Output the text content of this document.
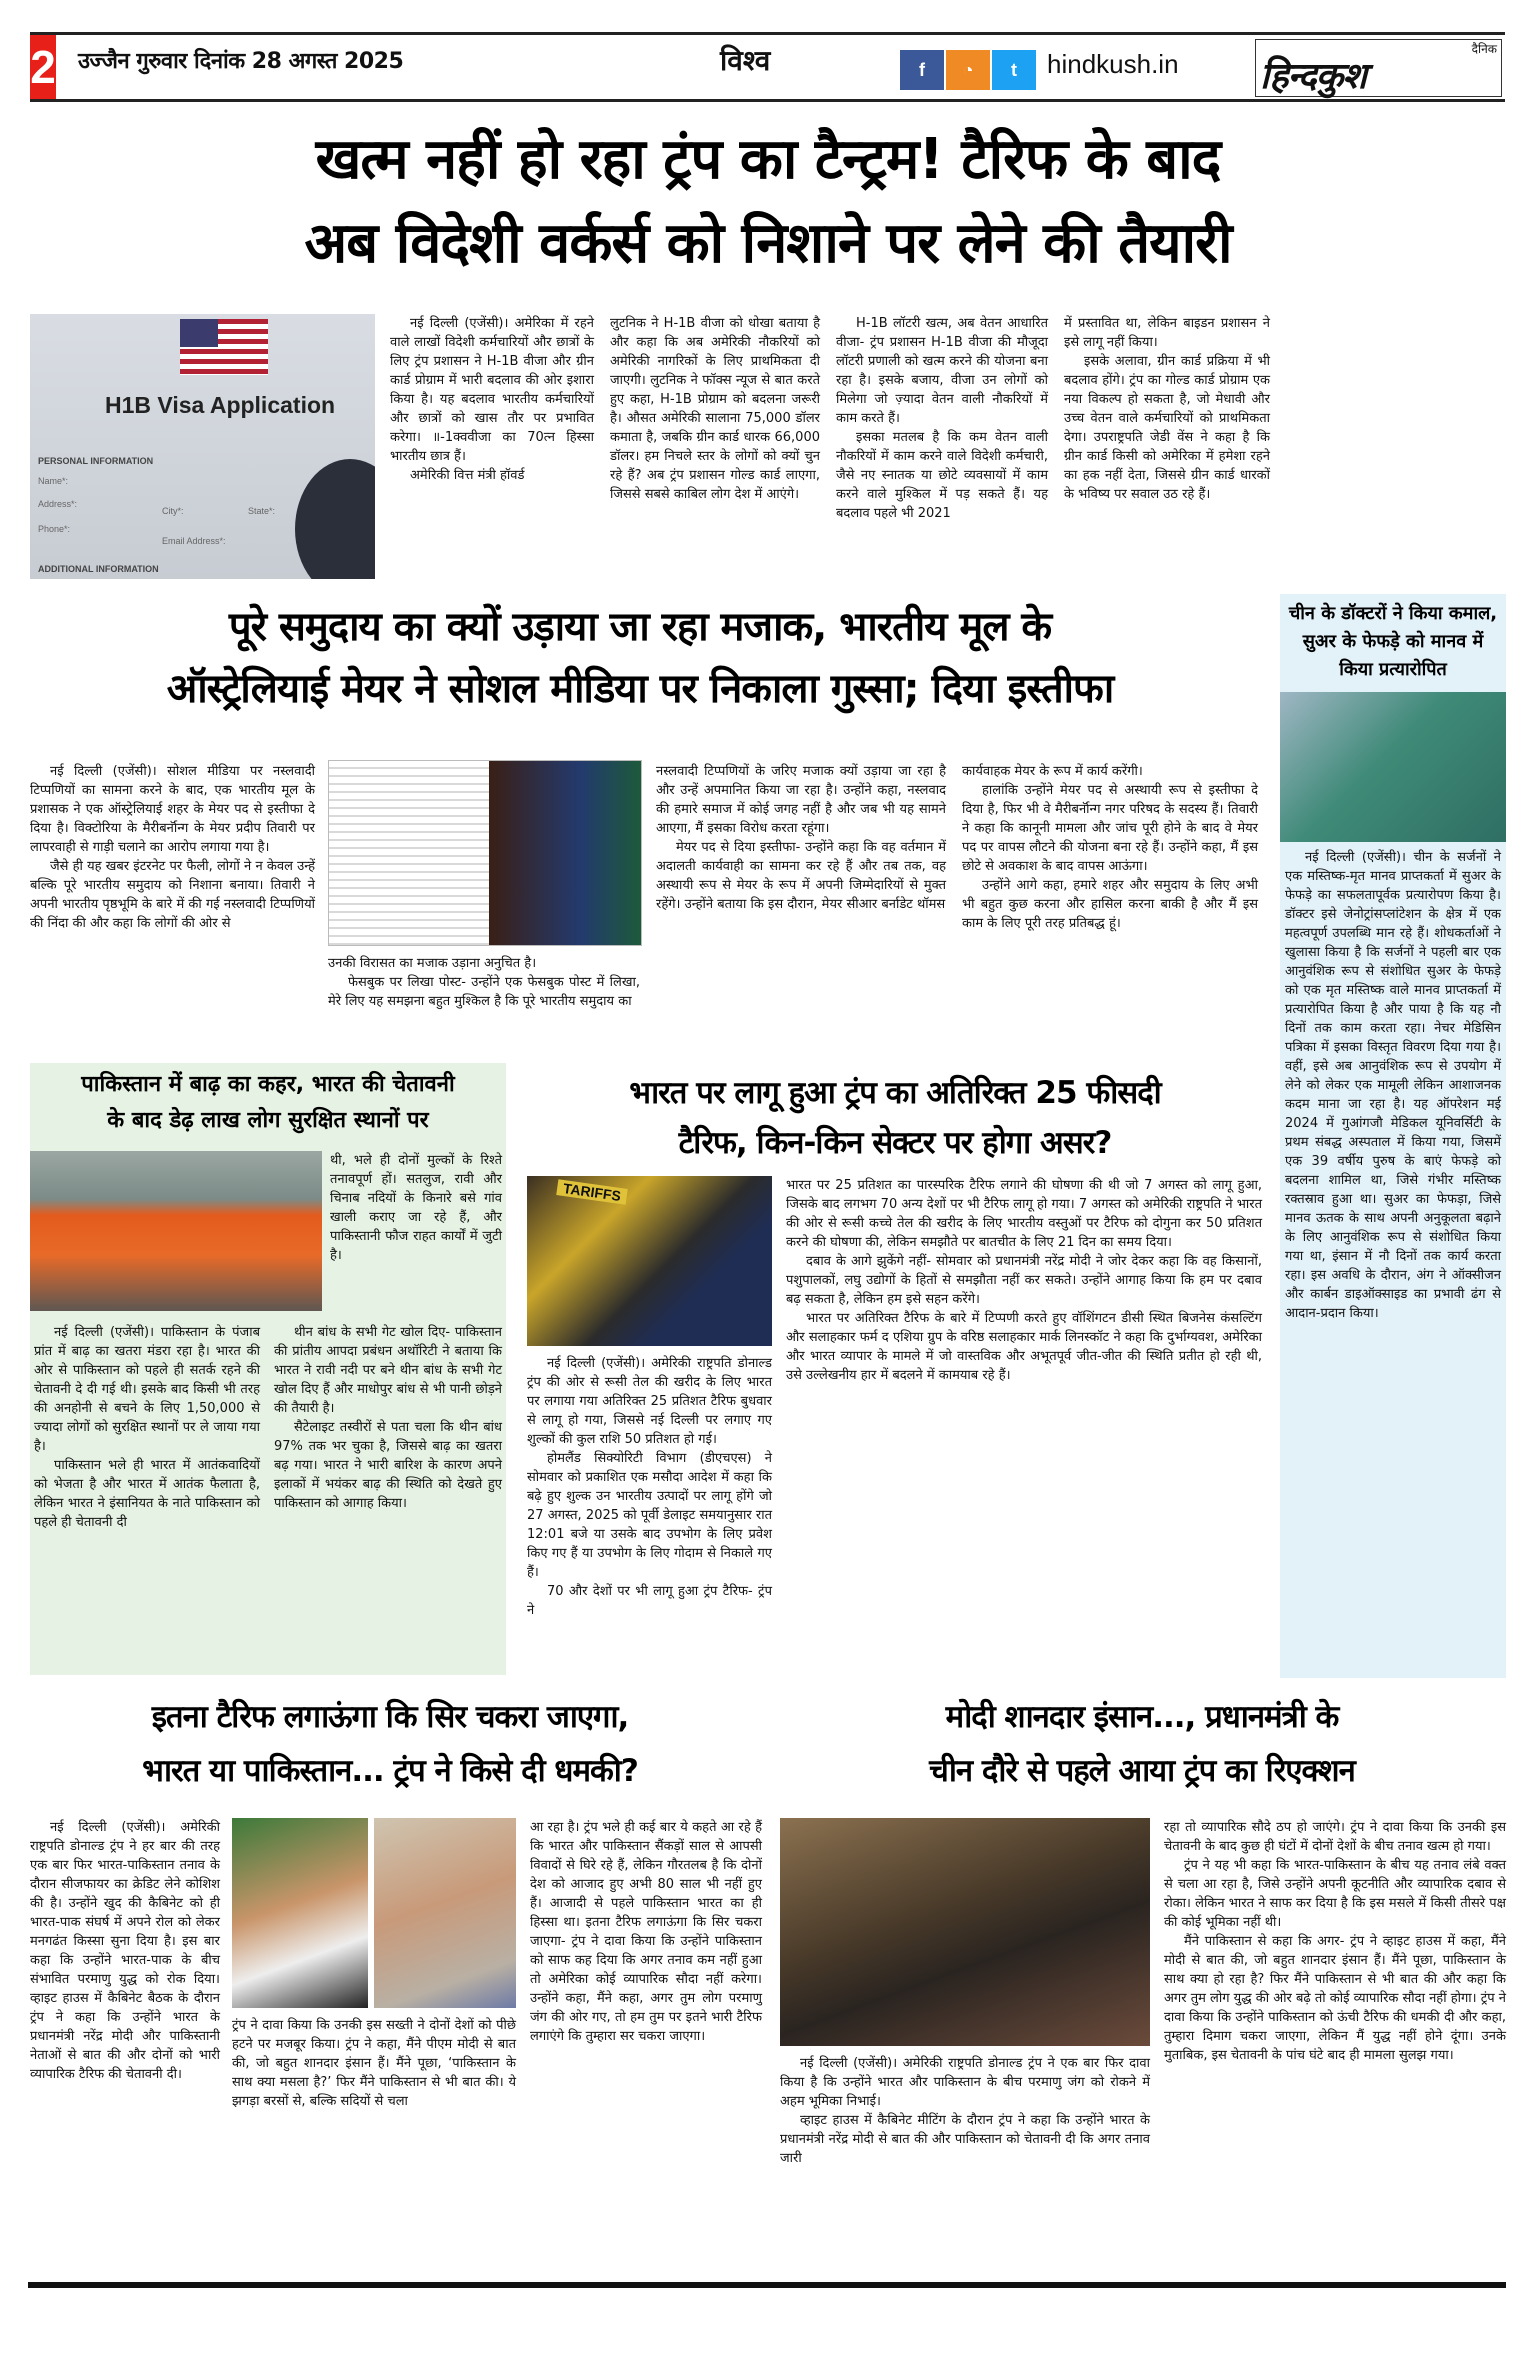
2 उज्जैन गुरुवार दिनांक 28 अगस्त 2025	विश्व	f	◔	t	hindkush.in	दैनिक
हिन्दकुश
खत्म नहीं हो रहा ट्रंप का टैन्ट्रम! टैरिफ के बाद
अब विदेशी वर्कर्स को निशाने पर लेने की तैयारी
H1B Visa Application
PERSONAL INFORMATION
Name*:
Address*:
City*:	State*:
Phone*:
Email Address*:
ADDITIONAL INFORMATION

नई दिल्ली (एजेंसी)। अमेरिका में रहने वाले लाखों विदेशी कर्मचारियों और छात्रों के लिए ट्रंप प्रशासन ने H-1B वीजा और ग्रीन कार्ड प्रोग्राम में भारी बदलाव की ओर इशारा किया है। यह बदलाव भारतीय कर्मचारियों और छात्रों को खास तौर पर प्रभावित करेगा। ॥-1क्ववीजा का 70त्न हिस्सा भारतीय छात्र हैं।

अमेरिकी वित्त मंत्री हॉवर्ड

लुटनिक ने H-1B वीजा को धोखा बताया है और कहा कि अब अमेरिकी नौकरियों को अमेरिकी नागरिकों के लिए प्राथमिकता दी जाएगी। लुटनिक ने फॉक्स न्यूज से बात करते हुए कहा, H-1B प्रोग्राम को बदलना जरूरी है। औसत अमेरिकी सालाना 75,000 डॉलर कमाता है, जबकि ग्रीन कार्ड धारक 66,000 डॉलर। हम निचले स्तर के लोगों को क्यों चुन रहे हैं? अब ट्रंप प्रशासन गोल्ड कार्ड लाएगा, जिससे सबसे काबिल लोग देश में आएंगे।

H-1B लॉटरी खत्म, अब वेतन आधारित वीजा- ट्रंप प्रशासन H-1B वीजा की मौजूदा लॉटरी प्रणाली को खत्म करने की योजना बना रहा है। इसके बजाय, वीजा उन लोगों को मिलेगा जो ज़्यादा वेतन वाली नौकरियों में काम करते हैं।

इसका मतलब है कि कम वेतन वाली नौकरियों में काम करने वाले विदेशी कर्मचारी, जैसे नए स्नातक या छोटे व्यवसायों में काम करने वाले मुश्किल में पड़ सकते हैं। यह बदलाव पहले भी 2021

में प्रस्तावित था, लेकिन बाइडन प्रशासन ने इसे लागू नहीं किया।

इसके अलावा, ग्रीन कार्ड प्रक्रिया में भी बदलाव होंगे। ट्रंप का गोल्ड कार्ड प्रोग्राम एक नया विकल्प हो सकता है, जो मेधावी और उच्च वेतन वाले कर्मचारियों को प्राथमिकता देगा। उपराष्ट्रपति जेडी वेंस ने कहा है कि ग्रीन कार्ड किसी को अमेरिका में हमेशा रहने का हक नहीं देता, जिससे ग्रीन कार्ड धारकों के भविष्य पर सवाल उठ रहे हैं।

पूरे समुदाय का क्यों उड़ाया जा रहा मजाक, भारतीय मूल के
ऑस्ट्रेलियाई मेयर ने सोशल मीडिया पर निकाला गुस्सा; दिया इस्तीफा

नई दिल्ली (एजेंसी)। सोशल मीडिया पर नस्लवादी टिप्पणियों का सामना करने के बाद, एक भारतीय मूल के प्रशासक ने एक ऑस्ट्रेलियाई शहर के मेयर पद से इस्तीफा दे दिया है। विक्टोरिया के मैरीबर्नॉन्ग के मेयर प्रदीप तिवारी पर लापरवाही से गाड़ी चलाने का आरोप लगाया गया है।

जैसे ही यह खबर इंटरनेट पर फैली, लोगों ने न केवल उन्हें बल्कि पूरे भारतीय समुदाय को निशाना बनाया। तिवारी ने अपनी भारतीय पृष्ठभूमि के बारे में की गई नस्लवादी टिप्पणियों की निंदा की और कहा कि लोगों की ओर से

उनकी विरासत का मजाक उड़ाना अनुचित है।

फेसबुक पर लिखा पोस्ट- उन्होंने एक फेसबुक पोस्ट में लिखा, मेरे लिए यह समझना बहुत मुश्किल है कि पूरे भारतीय समुदाय का

नस्लवादी टिप्पणियों के जरिए मजाक क्यों उड़ाया जा रहा है और उन्हें अपमानित किया जा रहा है। उन्होंने कहा, नस्लवाद की हमारे समाज में कोई जगह नहीं है और जब भी यह सामने आएगा, मैं इसका विरोध करता रहूंगा।

मेयर पद से दिया इस्तीफा- उन्होंने कहा कि वह वर्तमान में अदालती कार्यवाही का सामना कर रहे हैं और तब तक, वह अस्थायी रूप से मेयर के रूप में अपनी जिम्मेदारियों से मुक्त रहेंगे। उन्होंने बताया कि इस दौरान, मेयर सीआर बर्नाडेट थॉमस

कार्यवाहक मेयर के रूप में कार्य करेंगी।

हालांकि उन्होंने मेयर पद से अस्थायी रूप से इस्तीफा दे दिया है, फिर भी वे मैरीबर्नॉन्ग नगर परिषद के सदस्य हैं। तिवारी ने कहा कि कानूनी मामला और जांच पूरी होने के बाद वे मेयर पद पर वापस लौटने की योजना बना रहे हैं। उन्होंने कहा, मैं इस छोटे से अवकाश के बाद वापस आऊंगा।

उन्होंने आगे कहा, हमारे शहर और समुदाय के लिए अभी भी बहुत कुछ करना और हासिल करना बाकी है और मैं इस काम के लिए पूरी तरह प्रतिबद्ध हूं।

चीन के डॉक्टरों ने किया कमाल, सुअर के फेफड़े को मानव में किया प्रत्यारोपित

नई दिल्ली (एजेंसी)। चीन के सर्जनों ने एक मस्तिष्क-मृत मानव प्राप्तकर्ता में सुअर के फेफड़े का सफलतापूर्वक प्रत्यारोपण किया है। डॉक्टर इसे जेनोट्रांसप्लांटेशन के क्षेत्र में एक महत्वपूर्ण उपलब्धि मान रहे हैं। शोधकर्ताओं ने खुलासा किया है कि सर्जनों ने पहली बार एक आनुवंशिक रूप से संशोधित सुअर के फेफड़े को एक मृत मस्तिष्क वाले मानव प्राप्तकर्ता में प्रत्यारोपित किया है और पाया है कि यह नौ दिनों तक काम करता रहा। नेचर मेडिसिन पत्रिका में इसका विस्तृत विवरण दिया गया है। वहीं, इसे अब आनुवंशिक रूप से उपयोग में लेने को लेकर एक मामूली लेकिन आशाजनक कदम माना जा रहा है। यह ऑपरेशन मई 2024 में गुआंगजौ मेडिकल यूनिवर्सिटी के प्रथम संबद्ध अस्पताल में किया गया, जिसमें एक 39 वर्षीय पुरुष के बाएं फेफड़े को बदलना शामिल था, जिसे गंभीर मस्तिष्क रक्तस्राव हुआ था। सुअर का फेफड़ा, जिसे मानव ऊतक के साथ अपनी अनुकूलता बढ़ाने के लिए आनुवंशिक रूप से संशोधित किया गया था, इंसान में नौ दिनों तक कार्य करता रहा। इस अवधि के दौरान, अंग ने ऑक्सीजन और कार्बन डाइऑक्साइड का प्रभावी ढंग से आदान-प्रदान किया।

पाकिस्तान में बाढ़ का कहर, भारत की चेतावनी
के बाद डेढ़ लाख लोग सुरक्षित स्थानों पर

थी, भले ही दोनों मुल्कों के रिश्ते तनावपूर्ण हों। सतलुज, रावी और चिनाब नदियों के किनारे बसे गांव खाली कराए जा रहे हैं, और पाकिस्तानी फौज राहत कार्यों में जुटी है।

नई दिल्ली (एजेंसी)। पाकिस्तान के पंजाब प्रांत में बाढ़ का खतरा मंडरा रहा है। भारत की ओर से पाकिस्तान को पहले ही सतर्क रहने की चेतावनी दे दी गई थी। इसके बाद किसी भी तरह की अनहोनी से बचने के लिए 1,50,000 से ज्यादा लोगों को सुरक्षित स्थानों पर ले जाया गया है।

पाकिस्तान भले ही भारत में आतंकवादियों को भेजता है और भारत में आतंक फैलाता है, लेकिन भारत ने इंसानियत के नाते पाकिस्तान को पहले ही चेतावनी दी

थीन बांध के सभी गेट खोल दिए- पाकिस्तान की प्रांतीय आपदा प्रबंधन अथॉरिटी ने बताया कि भारत ने रावी नदी पर बने थीन बांध के सभी गेट खोल दिए हैं और माधोपुर बांध से भी पानी छोड़ने की तैयारी है।

सैटेलाइट तस्वीरों से पता चला कि थीन बांध 97% तक भर चुका है, जिससे बाढ़ का खतरा बढ़ गया। भारत ने भारी बारिश के कारण अपने इलाकों में भयंकर बाढ़ की स्थिति को देखते हुए पाकिस्तान को आगाह किया।

भारत पर लागू हुआ ट्रंप का अतिरिक्त 25 फीसदी
टैरिफ, किन-किन सेक्टर पर होगा असर?
TARIFFS	भारत पर 25 प्रतिशत का पारस्परिक टैरिफ लगाने की घोषणा की थी जो 7 अगस्त को लागू हुआ, जिसके बाद लगभग 70 अन्य देशों पर भी टैरिफ लागू हो गया। 7 अगस्त को अमेरिकी राष्ट्रपति ने भारत की ओर से रूसी कच्चे तेल की खरीद के लिए भारतीय वस्तुओं पर टैरिफ को दोगुना कर 50 प्रतिशत करने की घोषणा की, लेकिन समझौते पर बातचीत के लिए 21 दिन का समय दिया।

दबाव के आगे झुकेंगे नहीं- सोमवार को प्रधानमंत्री नरेंद्र मोदी ने जोर देकर कहा कि वह किसानों, पशुपालकों, लघु उद्योगों के हितों से समझौता नहीं कर सकते। उन्होंने आगाह किया कि हम पर दबाव बढ़ सकता है, लेकिन हम इसे सहन करेंगे।

भारत पर अतिरिक्त टैरिफ के बारे में टिप्पणी करते हुए वॉशिंगटन डीसी स्थित बिजनेस कंसल्टिंग और सलाहकार फर्म द एशिया ग्रुप के वरिष्ठ सलाहकार मार्क लिनस्कॉट ने कहा कि दुर्भाग्यवश, अमेरिका और भारत व्यापार के मामले में जो वास्तविक और अभूतपूर्व जीत-जीत की स्थिति प्रतीत हो रही थी, उसे उल्लेखनीय हार में बदलने में कामयाब रहे हैं।

नई दिल्ली (एजेंसी)। अमेरिकी राष्ट्रपति डोनाल्ड ट्रंप की ओर से रूसी तेल की खरीद के लिए भारत पर लगाया गया अतिरिक्त 25 प्रतिशत टैरिफ बुधवार से लागू हो गया, जिससे नई दिल्ली पर लगाए गए शुल्कों की कुल राशि 50 प्रतिशत हो गई।

होमलैंड सिक्योरिटी विभाग (डीएचएस) ने सोमवार को प्रकाशित एक मसौदा आदेश में कहा कि बढ़े हुए शुल्क उन भारतीय उत्पादों पर लागू होंगे जो 27 अगस्त, 2025 को पूर्वी डेलाइट समयानुसार रात 12:01 बजे या उसके बाद उपभोग के लिए प्रवेश किए गए हैं या उपभोग के लिए गोदाम से निकाले गए हैं।

70 और देशों पर भी लागू हुआ ट्रंप टैरिफ- ट्रंप ने

इतना टैरिफ लगाऊंगा कि सिर चकरा जाएगा,
भारत या पाकिस्तान... ट्रंप ने किसे दी धमकी?

नई दिल्ली (एजेंसी)। अमेरिकी राष्ट्रपति डोनाल्ड ट्रंप ने हर बार की तरह एक बार फिर भारत-पाकिस्तान तनाव के दौरान सीजफायर का क्रेडिट लेने कोशिश की है। उन्होंने खुद की कैबिनेट को ही भारत-पाक संघर्ष में अपने रोल को लेकर मनगढंत किस्सा सुना दिया है। इस बार कहा कि उन्होंने भारत-पाक के बीच संभावित परमाणु युद्ध को रोक दिया। व्हाइट हाउस में कैबिनेट बैठक के दौरान ट्रंप ने कहा कि उन्होंने भारत के प्रधानमंत्री नरेंद्र मोदी और पाकिस्तानी नेताओं से बात की और दोनों को भारी व्यापारिक टैरिफ की चेतावनी दी।

ट्रंप ने दावा किया कि उनकी इस सख्ती ने दोनों देशों को पीछे हटने पर मजबूर किया। ट्रंप ने कहा, मैंने पीएम मोदी से बात की, जो बहुत शानदार इंसान हैं। मैंने पूछा, ‘पाकिस्तान के साथ क्या मसला है?’ फिर मैंने पाकिस्तान से भी बात की। ये झगड़ा बरसों से, बल्कि सदियों से चला

आ रहा है। ट्रंप भले ही कई बार ये कहते आ रहे हैं कि भारत और पाकिस्तान सैंकड़ों साल से आपसी विवादों से घिरे रहे हैं, लेकिन गौरतलब है कि दोनों देश को आजाद हुए अभी 80 साल भी नहीं हुए हैं। आजादी से पहले पाकिस्तान भारत का ही हिस्सा था। इतना टैरिफ लगाऊंगा कि सिर चकरा जाएगा- ट्रंप ने दावा किया कि उन्होंने पाकिस्तान को साफ कह दिया कि अगर तनाव कम नहीं हुआ तो अमेरिका कोई व्यापारिक सौदा नहीं करेगा। उन्होंने कहा, मैंने कहा, अगर तुम लोग परमाणु जंग की ओर गए, तो हम तुम पर इतने भारी टैरिफ लगाएंगे कि तुम्हारा सर चकरा जाएगा।

मोदी शानदार इंसान..., प्रधानमंत्री के
चीन दौरे से पहले आया ट्रंप का रिएक्शन

नई दिल्ली (एजेंसी)। अमेरिकी राष्ट्रपति डोनाल्ड ट्रंप ने एक बार फिर दावा किया है कि उन्होंने भारत और पाकिस्तान के बीच परमाणु जंग को रोकने में अहम भूमिका निभाई।

व्हाइट हाउस में कैबिनेट मीटिंग के दौरान ट्रंप ने कहा कि उन्होंने भारत के प्रधानमंत्री नरेंद्र मोदी से बात की और पाकिस्तान को चेतावनी दी कि अगर तनाव जारी

रहा तो व्यापारिक सौदे ठप हो जाएंगे। ट्रंप ने दावा किया कि उनकी इस चेतावनी के बाद कुछ ही घंटों में दोनों देशों के बीच तनाव खत्म हो गया।

ट्रंप ने यह भी कहा कि भारत-पाकिस्तान के बीच यह तनाव लंबे वक्त से चला आ रहा है, जिसे उन्होंने अपनी कूटनीति और व्यापारिक दबाव से रोका। लेकिन भारत ने साफ कर दिया है कि इस मसले में किसी तीसरे पक्ष की कोई भूमिका नहीं थी।

मैंने पाकिस्तान से कहा कि अगर- ट्रंप ने व्हाइट हाउस में कहा, मैंने मोदी से बात की, जो बहुत शानदार इंसान हैं। मैंने पूछा, पाकिस्तान के साथ क्या हो रहा है? फिर मैंने पाकिस्तान से भी बात की और कहा कि अगर तुम लोग युद्ध की ओर बढ़े तो कोई व्यापारिक सौदा नहीं होगा। ट्रंप ने दावा किया कि उन्होंने पाकिस्तान को ऊंची टैरिफ की धमकी दी और कहा, तुम्हारा दिमाग चकरा जाएगा, लेकिन मैं युद्ध नहीं होने दूंगा। उनके मुताबिक, इस चेतावनी के पांच घंटे बाद ही मामला सुलझ गया।
